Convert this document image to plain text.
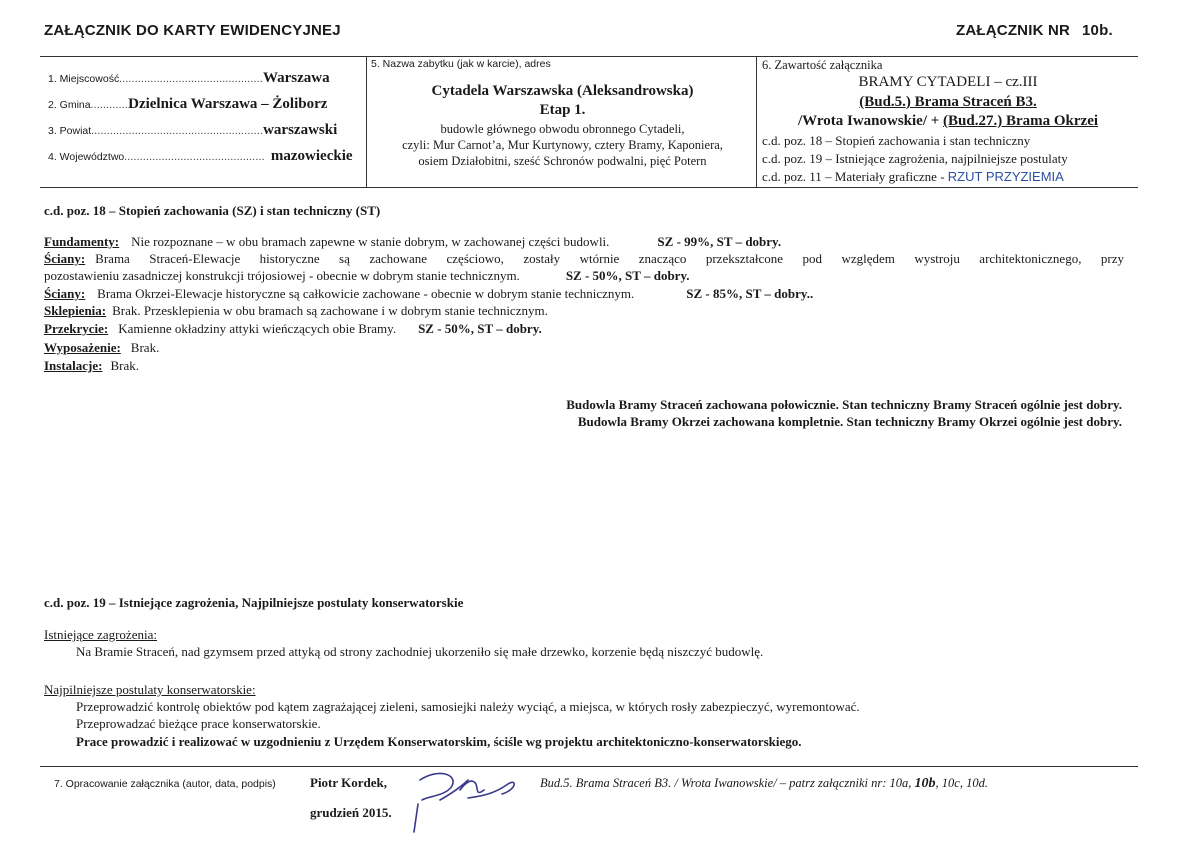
ZAŁĄCZNIK DO KARTY EWIDENCYJNEJ	ZAŁĄCZNIK NR 10b.
1. Miejscowość..............................................Warszawa
2. Gmina............Dzielnica Warszawa – Żoliborz
3. Powiat.......................................................warszawski
4. Województwo............................................. mazowieckie
5. Nazwa zabytku (jak w karcie), adres
Cytadela Warszawska (Aleksandrowska)
Etap 1.
budowle głównego obwodu obronnego Cytadeli,
czyli: Mur Carnot’a, Mur Kurtynowy, cztery Bramy, Kaponiera,
osiem Działobitni, sześć Schronów podwalni, pięć Potern
6. Zawartość załącznika
BRAMY CYTADELI – cz.III
(Bud.5.) Brama Straceń B3.
/Wrota Iwanowskie/ + (Bud.27.) Brama Okrzei
c.d. poz. 18 – Stopień zachowania i stan techniczny
c.d. poz. 19 – Istniejące zagrożenia, najpilniejsze postulaty
c.d. poz. 11 – Materiały graficzne - RZUT PRZYZIEMIA
c.d. poz. 18 – Stopień zachowania (SZ) i stan techniczny (ST)
Fundamenty: Nie rozpoznane – w obu bramach zapewne w stanie dobrym, w zachowanej części budowli.	SZ - 99%, ST – dobry.
Ściany: Brama Straceń-Elewacje historyczne są zachowane częściowo, zostały wtórnie znacząco przekształcone pod względem wystroju architektonicznego, przy
pozostawieniu zasadniczej konstrukcji trójosiowej - obecnie w dobrym stanie technicznym.	SZ - 50%, ST – dobry.
Ściany: Brama Okrzei-Elewacje historyczne są całkowicie zachowane - obecnie w dobrym stanie technicznym.	SZ - 85%, ST – dobry..
Sklepienia: Brak. Przesklepienia w obu bramach są zachowane i w dobrym stanie technicznym.
Przekrycie: Kamienne okładziny attyki wieńczących obie Bramy. SZ - 50%, ST – dobry.
Wyposażenie: Brak.
Instalacje: Brak.
Budowla Bramy Straceń zachowana połowicznie. Stan techniczny Bramy Straceń ogólnie jest dobry.
Budowla Bramy Okrzei zachowana kompletnie. Stan techniczny Bramy Okrzei ogólnie jest dobry.
c.d. poz. 19 – Istniejące zagrożenia, Najpilniejsze postulaty konserwatorskie
Istniejące zagrożenia:
Na Bramie Straceń, nad gzymsem przed attyką od strony zachodniej ukorzeniło się małe drzewko, korzenie będą niszczyć budowlę.
Najpilniejsze postulaty konserwatorskie:
Przeprowadzić kontrolę obiektów pod kątem zagrażającej zieleni, samosiejki należy wyciąć, a miejsca, w których rosły zabezpieczyć, wyremontować.
Przeprowadzać bieżące prace konserwatorskie.
Prace prowadzić i realizować w uzgodnieniu z Urzędem Konserwatorskim, ściśle wg projektu architektoniczno-konserwatorskiego.
7. Opracowanie załącznika (autor, data, podpis)	Piotr Kordek,
grudzień 2015.
Bud.5. Brama Straceń B3. / Wrota Iwanowskie/ – patrz załączniki nr: 10a, 10b, 10c, 10d.
